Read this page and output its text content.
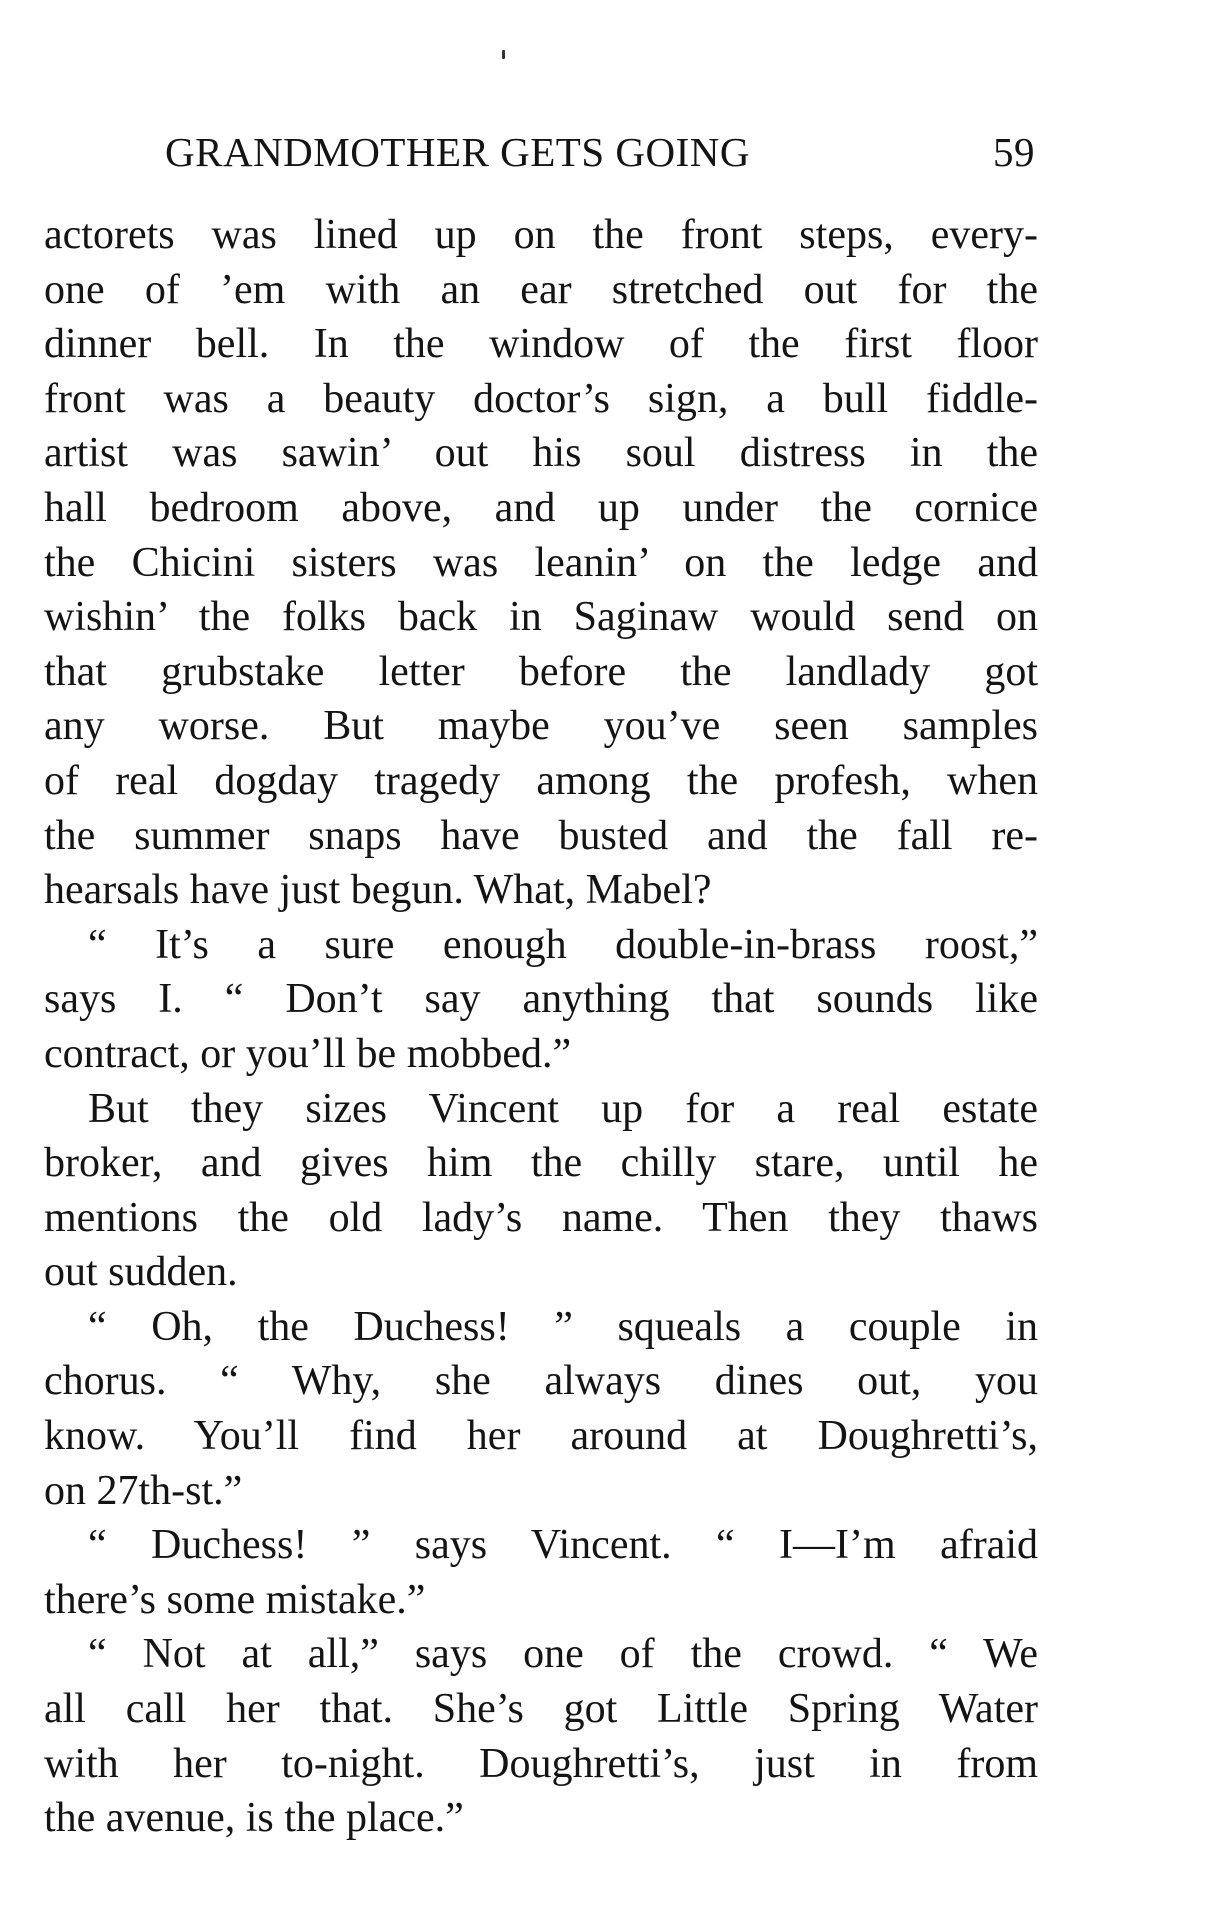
GRANDMOTHER GETS GOING	59
actorets was lined up on the front steps, every-
one of ’em with an ear stretched out for the
dinner bell. In the window of the first floor
front was a beauty doctor’s sign, a bull fiddle-
artist was sawin’ out his soul distress in the
hall bedroom above, and up under the cornice
the Chicini sisters was leanin’ on the ledge and
wishin’ the folks back in Saginaw would send on
that grubstake letter before the landlady got
any worse. But maybe you’ve seen samples
of real dogday tragedy among the profesh, when
the summer snaps have busted and the fall re-
hearsals have just begun. What, Mabel?
“ It’s a sure enough double-in-brass roost,”
says I. “ Don’t say anything that sounds like
contract, or you’ll be mobbed.”
But they sizes Vincent up for a real estate
broker, and gives him the chilly stare, until he
mentions the old lady’s name. Then they thaws
out sudden.
“ Oh, the Duchess! ” squeals a couple in
chorus. “ Why, she always dines out, you
know. You’ll find her around at Doughretti’s,
on 27th-st.”
“ Duchess! ” says Vincent. “ I—I’m afraid
there’s some mistake.”
“ Not at all,” says one of the crowd. “ We
all call her that. She’s got Little Spring Water
with her to-night. Doughretti’s, just in from
the avenue, is the place.”
